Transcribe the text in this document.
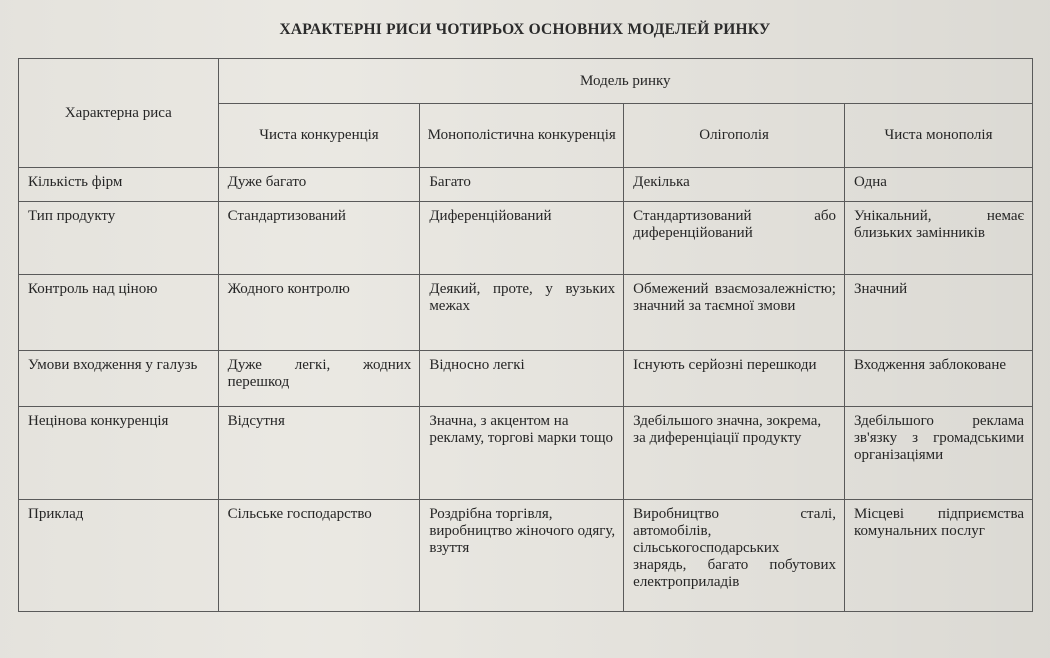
ХАРАКТЕРНІ РИСИ ЧОТИРЬОХ ОСНОВНИХ МОДЕЛЕЙ РИНКУ
Характерна риса	Модель ринку			
	Чиста конкуренція	Монополістична конкуренція	Олігополія	Чиста монополія
Кількість фірм	Дуже багато	Багато	Декілька	Одна
Тип продукту	Стандартизований	Диференційований	Стандартизований або диференційований	Унікальний, немає близьких замінників
Контроль над ціною	Жодного контролю	Деякий, проте, у вузьких межах	Обмежений взаємозалежністю; значний за таємної змови	Значний
Умови входження у галузь	Дуже легкі, жодних перешкод	Відносно легкі	Існують серйозні перешкоди	Входження заблоковане
Нецінова конкуренція	Відсутня	Значна, з акцентом на рекламу, торгові марки тощо	Здебільшого значна, зокрема, за диференціації продукту	Здебільшого реклама зв'язку з громадськими організаціями
Приклад	Сільське господарство	Роздрібна торгівля, виробництво жіночого одягу, взуття	Виробництво сталі, автомобілів, сільськогосподарських знарядь, багато побутових електроприладів	Місцеві підприємства комунальних послуг
